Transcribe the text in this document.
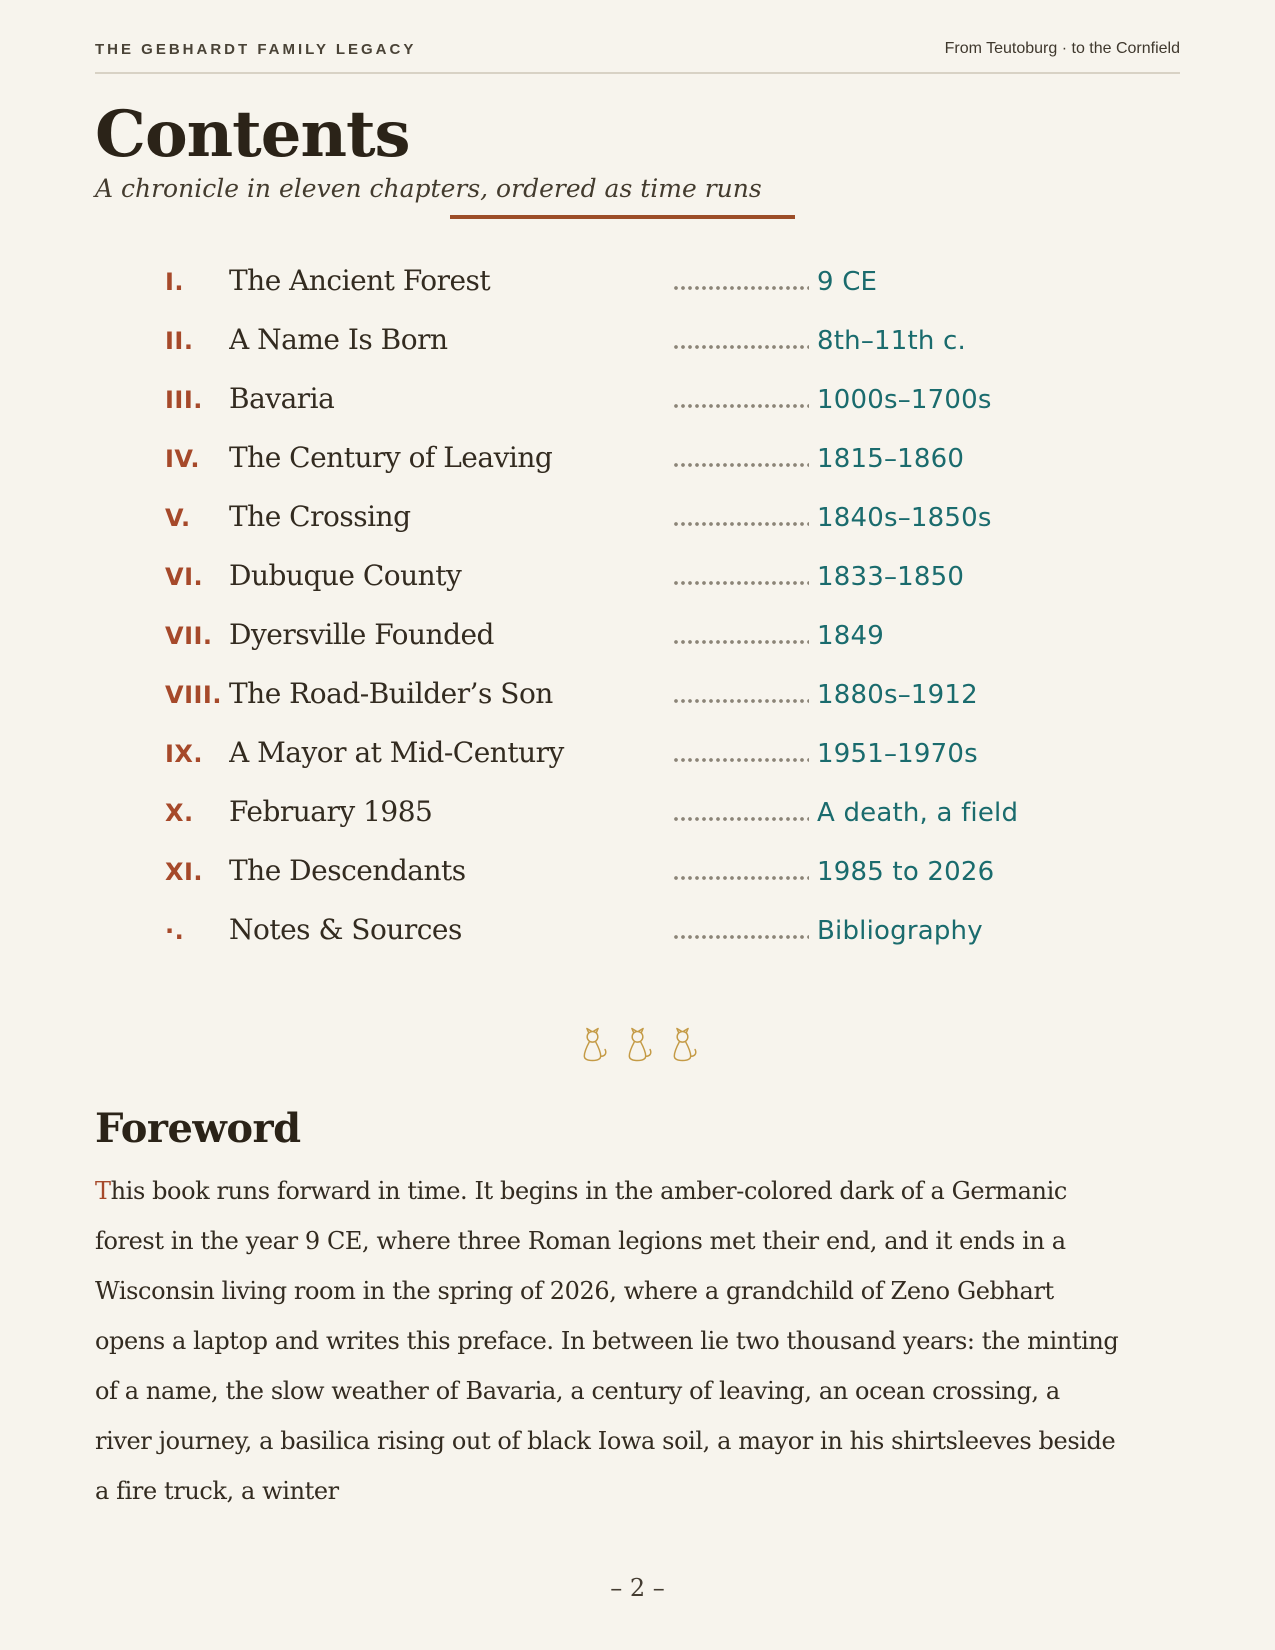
THE GEBHARDT FAMILY LEGACY	From Teutoburg · to the Cornfield
Contents
A chronicle in eleven chapters, ordered as time runs
I.	The Ancient Forest	9 CE
II.	A Name Is Born	8th–11th c.
III. Bavaria	1000s–1700s
IV.	The Century of Leaving	1815–1860
V.	The Crossing	1840s–1850s
VI. Dubuque County	1833–1850
VII. Dyersville Founded	1849
VIII. The Road-Builder’s Son	1880s–1912
IX. A Mayor at Mid-Century	1951–1970s
X.	February 1985	A death, a field
XI. The Descendants	1985 to 2026
·.	Notes & Sources	Bibliography
Foreword

This book runs forward in time. It begins in the amber-colored dark of a Germanic forest in the year 9 CE, where three Roman legions met their end, and it ends in a Wisconsin living room in the spring of 2026, where a grandchild of Zeno Gebhart opens a laptop and writes this preface. In between lie two thousand years: the minting of a name, the slow weather of Bavaria, a century of leaving, an ocean crossing, a river journey, a basilica rising out of black Iowa soil, a mayor in his shirtsleeves beside a fire truck, a winter

– 2 –
